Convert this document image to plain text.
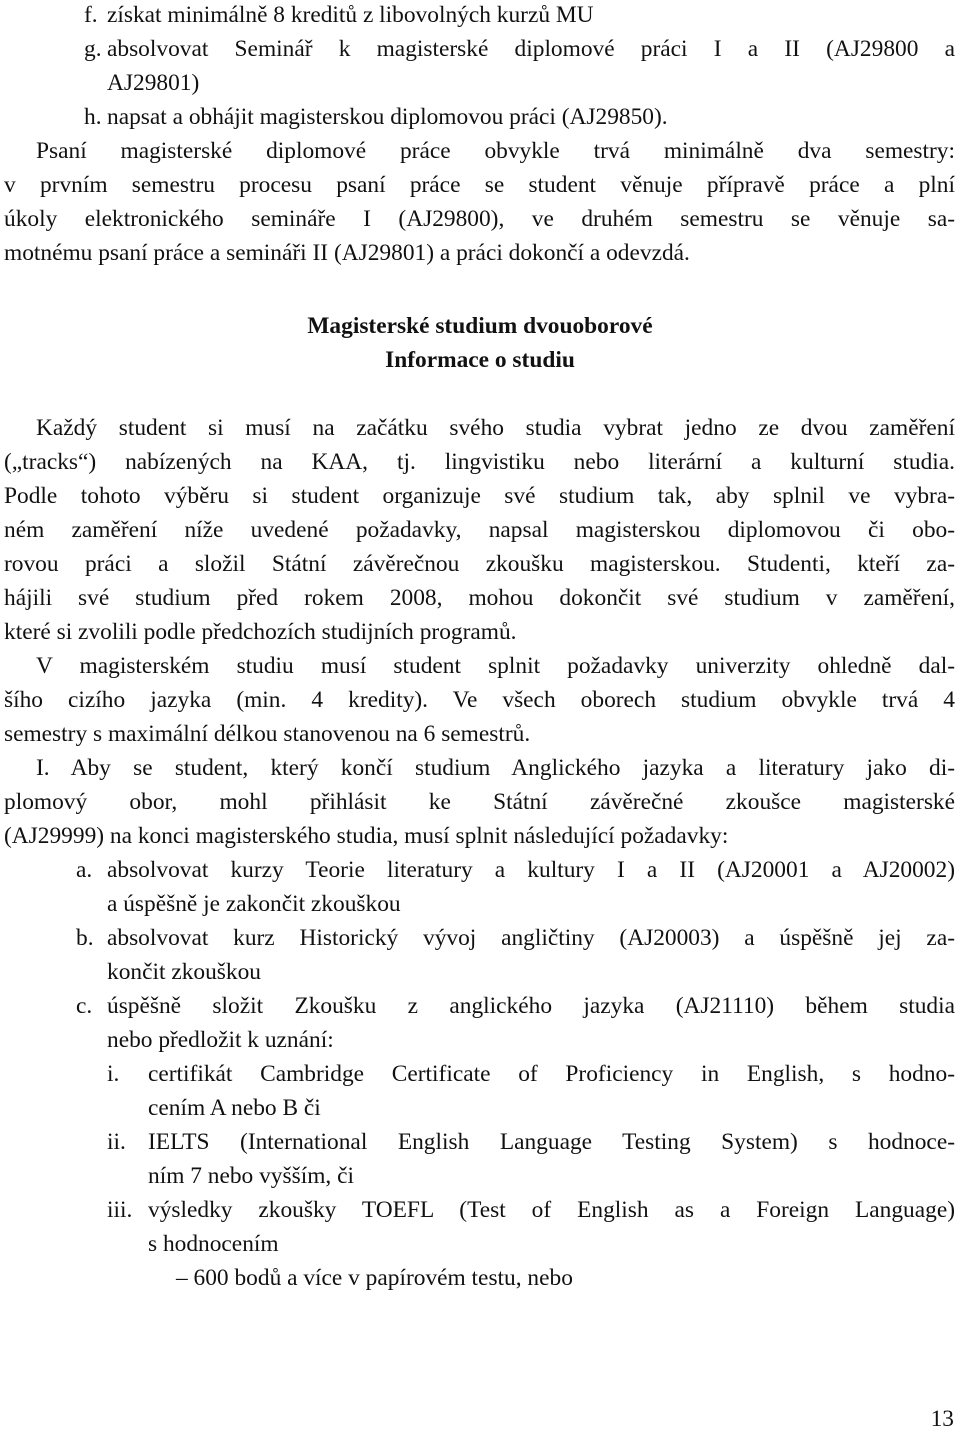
f. získat minimálně 8 kreditů z libovolných kurzů MU
g. absolvovat Seminář k magisterské diplomové práci I a II (AJ29800 a
AJ29801)
h. napsat a obhájit magisterskou diplomovou práci (AJ29850).
Psaní magisterské diplomové práce obvykle trvá minimálně dva semestry:
v prvním semestru procesu psaní práce se student věnuje přípravě práce a plní
úkoly elektronického semináře I (AJ29800), ve druhém semestru se věnuje sa-
motnému psaní práce a semináři II (AJ29801) a práci dokončí a odevzdá.
Magisterské studium dvouoborové
Informace o studiu
Každý student si musí na začátku svého studia vybrat jedno ze dvou zaměření
(„tracks“) nabízených na KAA, tj. lingvistiku nebo literární a kulturní studia.
Podle tohoto výběru si student organizuje své studium tak, aby splnil ve vybra-
ném zaměření níže uvedené požadavky, napsal magisterskou diplomovou či obo-
rovou práci a složil Státní závěrečnou zkoušku magisterskou. Studenti, kteří za-
hájili své studium před rokem 2008, mohou dokončit své studium v zaměření,
které si zvolili podle předchozích studijních programů.
V magisterském studiu musí student splnit požadavky univerzity ohledně dal-
šího cizího jazyka (min. 4 kredity). Ve všech oborech studium obvykle trvá 4
semestry s maximální délkou stanovenou na 6 semestrů.
I. Aby se student, který končí studium Anglického jazyka a literatury jako di-
plomový obor, mohl přihlásit ke Státní závěrečné zkoušce magisterské
(AJ29999) na konci magisterského studia, musí splnit následující požadavky:
a. absolvovat kurzy Teorie literatury a kultury I a II (AJ20001 a AJ20002)
a úspěšně je zakončit zkouškou
b. absolvovat kurz Historický vývoj angličtiny (AJ20003) a úspěšně jej za-
končit zkouškou
c. úspěšně složit Zkoušku z anglického jazyka (AJ21110) během studia
nebo předložit k uznání:
i. certifikát Cambridge Certificate of Proficiency in English, s hodno-
cením A nebo B či
ii. IELTS (International English Language Testing System) s hodnoce-
ním 7 nebo vyšším, či
iii. výsledky zkoušky TOEFL (Test of English as a Foreign Language)
s hodnocením
– 600 bodů a více v papírovém testu, nebo
13
